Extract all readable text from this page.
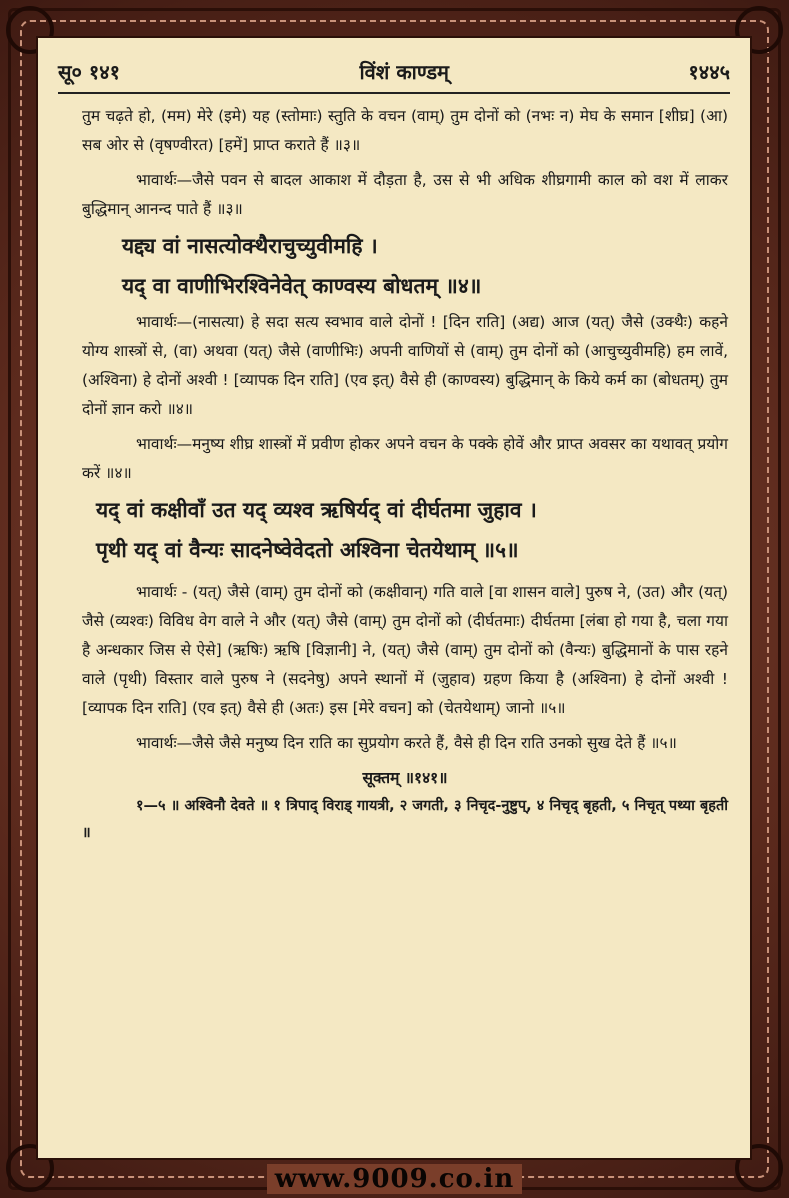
सू० १४१	विंशं काण्डम्	१४४५

तुम चढ़ते हो, (मम) मेरे (इमे) यह (स्तोमाः) स्तुति के वचन (वाम्) तुम दोनों को (नभः न) मेघ के समान [शीघ्र] (आ) सब ओर से (वृषण्वीरत) [हमें] प्राप्त कराते हैं ॥३॥

भावार्थः—जैसे पवन से बादल आकाश में दौड़ता है, उस से भी अधिक शीघ्रगामी काल को वश में लाकर बुद्धिमान् आनन्द पाते हैं ॥३॥

यद्द्य वां नासत्योक्थैराचुच्युवीमहि ।
यद् वा वाणीभिरश्विनेवेत् काण्वस्य बोधतम् ॥४॥

भावार्थः—(नासत्या) हे सदा सत्य स्वभाव वाले दोनों ! [दिन राति] (अद्य) आज (यत्) जैसे (उक्थैः) कहने योग्य शास्त्रों से, (वा) अथवा (यत्) जैसे (वाणीभिः) अपनी वाणियों से (वाम्) तुम दोनों को (आचुच्युवीमहि) हम लावें, (अश्विना) हे दोनों अश्वी ! [व्यापक दिन राति] (एव इत्) वैसे ही (काण्वस्य) बुद्धिमान् के किये कर्म का (बोधतम्) तुम दोनों ज्ञान करो ॥४॥

भावार्थः—मनुष्य शीघ्र शास्त्रों में प्रवीण होकर अपने वचन के पक्के होवें और प्राप्त अवसर का यथावत् प्रयोग करें ॥४॥

यद् वां कक्षीवाँ उत यद् व्यश्व ऋषिर्यद् वां दीर्घतमा जुहाव ।
पृथी यद् वां वैन्यः सादनेष्वेवेदतो अश्विना चेतयेथाम् ॥५॥

भावार्थः - (यत्) जैसे (वाम्) तुम दोनों को (कक्षीवान्) गति वाले [वा शासन वाले] पुरुष ने, (उत) और (यत्) जैसे (व्यश्वः) विविध वेग वाले ने और (यत्) जैसे (वाम्) तुम दोनों को (दीर्घतमाः) दीर्घतमा [लंबा हो गया है, चला गया है अन्धकार जिस से ऐसे] (ऋषिः) ऋषि [विज्ञानी] ने, (यत्) जैसे (वाम्) तुम दोनों को (वैन्यः) बुद्धिमानों के पास रहने वाले (पृथी) विस्तार वाले पुरुष ने (सदनेषु) अपने स्थानों में (जुहाव) ग्रहण किया है (अश्विना) हे दोनों अश्वी ! [व्यापक दिन राति] (एव इत्) वैसे ही (अतः) इस [मेरे वचन] को (चेतयेथाम्) जानो ॥५॥

भावार्थः—जैसे जैसे मनुष्य दिन राति का सुप्रयोग करते हैं, वैसे ही दिन राति उनको सुख देते हैं ॥५॥

सूक्तम् ॥१४१॥

१—५ ॥ अश्विनौ देवते ॥ १ त्रिपाद् विराड् गायत्री, २ जगती, ३ निचृद-नुष्टुप्, ४ निचृद् बृहती, ५ निचृत् पथ्या बृहती ॥

www.9009.co.in
